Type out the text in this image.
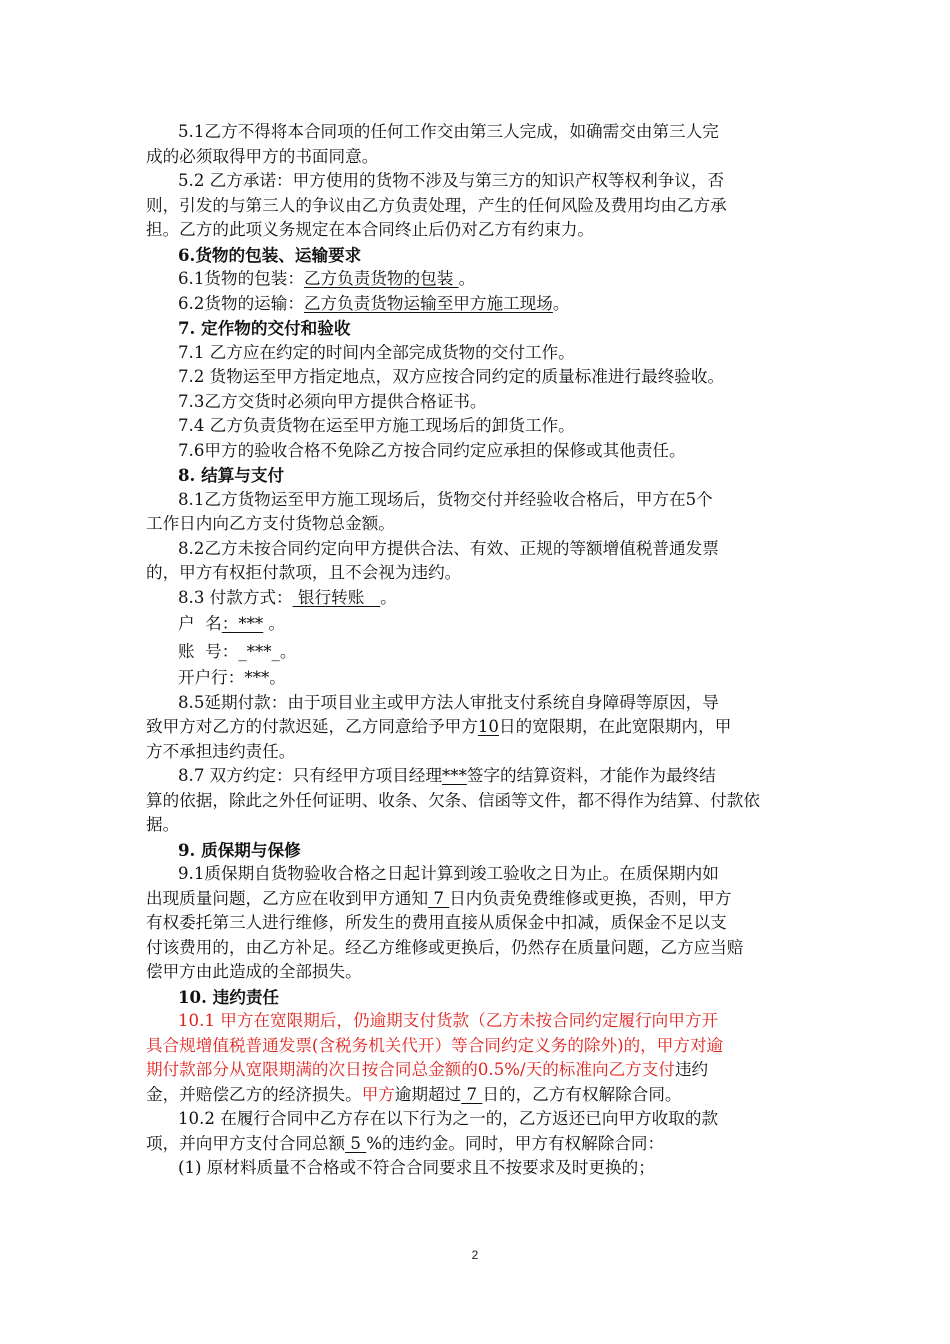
5.1乙方不得将本合同项的任何工作交由第三人完成，如确需交由第三人完
成的必须取得甲方的书面同意。
5.2 乙方承诺：甲方使用的货物不涉及与第三方的知识产权等权利争议，否
则，引发的与第三人的争议由乙方负责处理，产生的任何风险及费用均由乙方承
担。乙方的此项义务规定在本合同终止后仍对乙方有约束力。
6.货物的包装、运输要求
6.1货物的包装：乙方负责货物的包装 。
6.2货物的运输：乙方负责货物运输至甲方施工现场。
7. 定作物的交付和验收
7.1 乙方应在约定的时间内全部完成货物的交付工作。
7.2 货物运至甲方指定地点，双方应按合同约定的质量标准进行最终验收。
7.3乙方交货时必须向甲方提供合格证书。
7.4 乙方负责货物在运至甲方施工现场后的卸货工作。
7.6甲方的验收合格不免除乙方按合同约定应承担的保修或其他责任。
8. 结算与支付
8.1乙方货物运至甲方施工现场后，货物交付并经验收合格后，甲方在5个
工作日内向乙方支付货物总金额。
8.2乙方未按合同约定向甲方提供合法、有效、正规的等额增值税普通发票
的，甲方有权拒付款项，且不会视为违约。
8.3 付款方式： 银行转账   。
户  名：*** 。
账  号：_***_。
开户行：***。
8.5延期付款：由于项目业主或甲方法人审批支付系统自身障碍等原因，导
致甲方对乙方的付款迟延，乙方同意给予甲方10日的宽限期，在此宽限期内，甲
方不承担违约责任。
8.7 双方约定：只有经甲方项目经理***签字的结算资料，才能作为最终结
算的依据，除此之外任何证明、收条、欠条、信函等文件，都不得作为结算、付款依
据。
9. 质保期与保修
9.1质保期自货物验收合格之日起计算到竣工验收之日为止。在质保期内如
出现质量问题，乙方应在收到甲方通知 7 日内负责免费维修或更换，否则，甲方
有权委托第三人进行维修，所发生的费用直接从质保金中扣减，质保金不足以支
付该费用的，由乙方补足。经乙方维修或更换后，仍然存在质量问题，乙方应当赔
偿甲方由此造成的全部损失。
10. 违约责任
10.1 甲方在宽限期后，仍逾期支付货款（乙方未按合同约定履行向甲方开
具合规增值税普通发票(含税务机关代开）等合同约定义务的除外)的，甲方对逾
期付款部分从宽限期满的次日按合同总金额的0.5%/天的标准向乙方支付违约
金，并赔偿乙方的经济损失。甲方逾期超过 7 日的，乙方有权解除合同。
10.2 在履行合同中乙方存在以下行为之一的，乙方返还已向甲方收取的款
项，并向甲方支付合同总额 5 %的违约金。同时，甲方有权解除合同：
(1) 原材料质量不合格或不符合合同要求且不按要求及时更换的；
2
